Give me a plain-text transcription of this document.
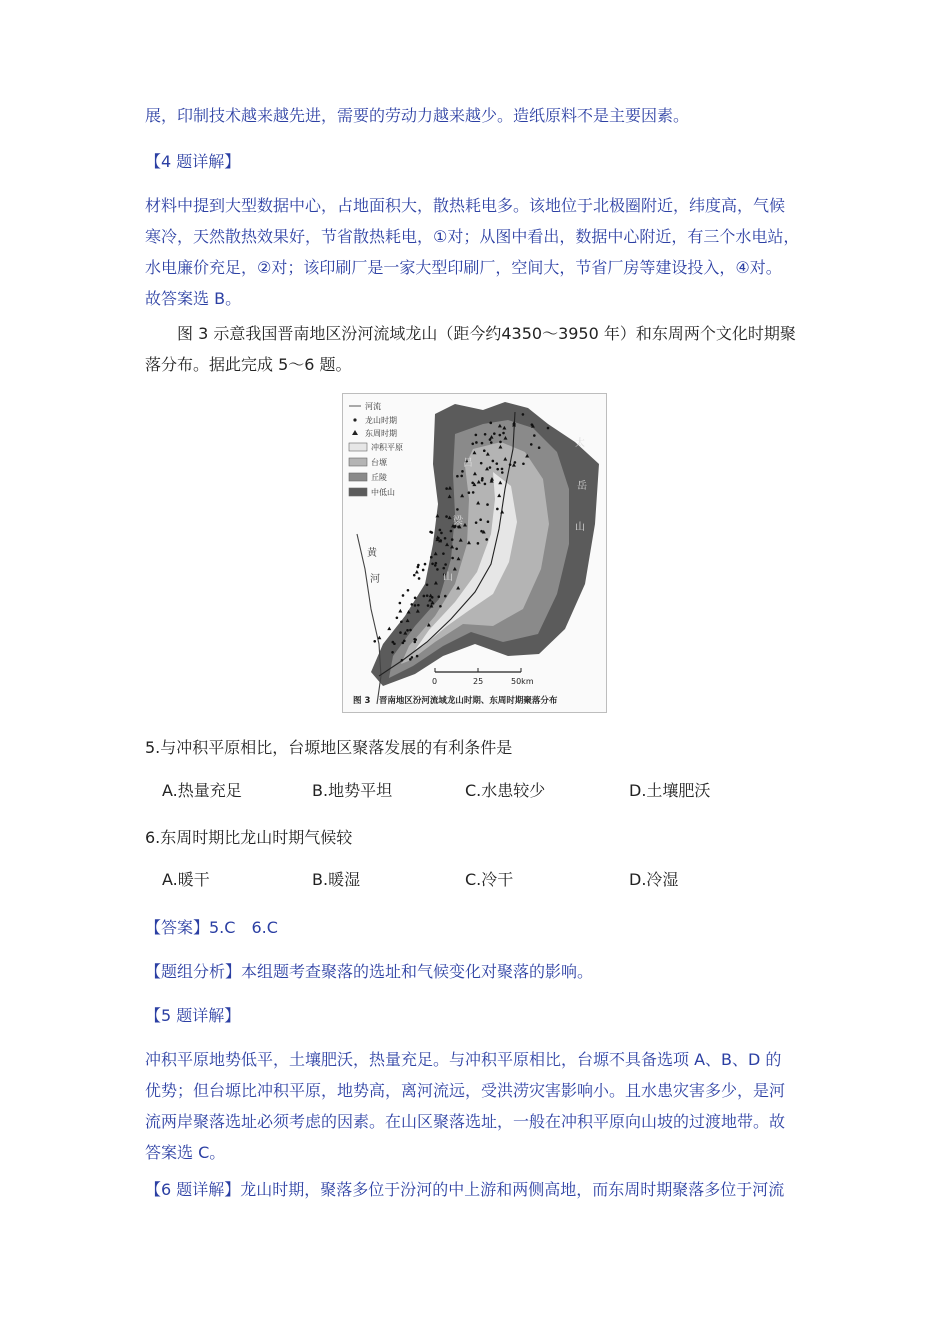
展，印制技术越来越先进，需要的劳动力越来越少。造纸原料不是主要因素。
【4 题详解】
材料中提到大型数据中心，占地面积大，散热耗电多。该地位于北极圈附近，纬度高，气候
寒冷，天然散热效果好，节省散热耗电，①对；从图中看出，数据中心附近，有三个水电站，
水电廉价充足，②对；该印刷厂是一家大型印刷厂，空间大，节省厂房等建设投入，④对。
故答案选 B。
图 3 示意我国晋南地区汾河流域龙山（距今约4350～3950 年）和东周两个文化时期聚
落分布。据此完成 5～6 题。
河流
龙山时期
东周时期
冲积平原
台塬
丘陵
中低山
黄
河
吕
梁
山
太
岳
山
0	25	50km
图 3　晋南地区汾河流域龙山时期、东周时期聚落分布
5.与冲积平原相比，台塬地区聚落发展的有利条件是
A.热量充足	B.地势平坦	C.水患较少	D.土壤肥沃
6.东周时期比龙山时期气候较
A.暖干	B.暖湿	C.冷干	D.冷湿
【答案】5.C　6.C
【题组分析】本组题考查聚落的选址和气候变化对聚落的影响。
【5 题详解】
冲积平原地势低平，土壤肥沃，热量充足。与冲积平原相比，台塬不具备选项 A、B、D 的
优势；但台塬比冲积平原，地势高，离河流远，受洪涝灾害影响小。且水患灾害多少，是河
流两岸聚落选址必须考虑的因素。在山区聚落选址，一般在冲积平原向山坡的过渡地带。故
答案选 C。
【6 题详解】龙山时期，聚落多位于汾河的中上游和两侧高地，而东周时期聚落多位于河流
